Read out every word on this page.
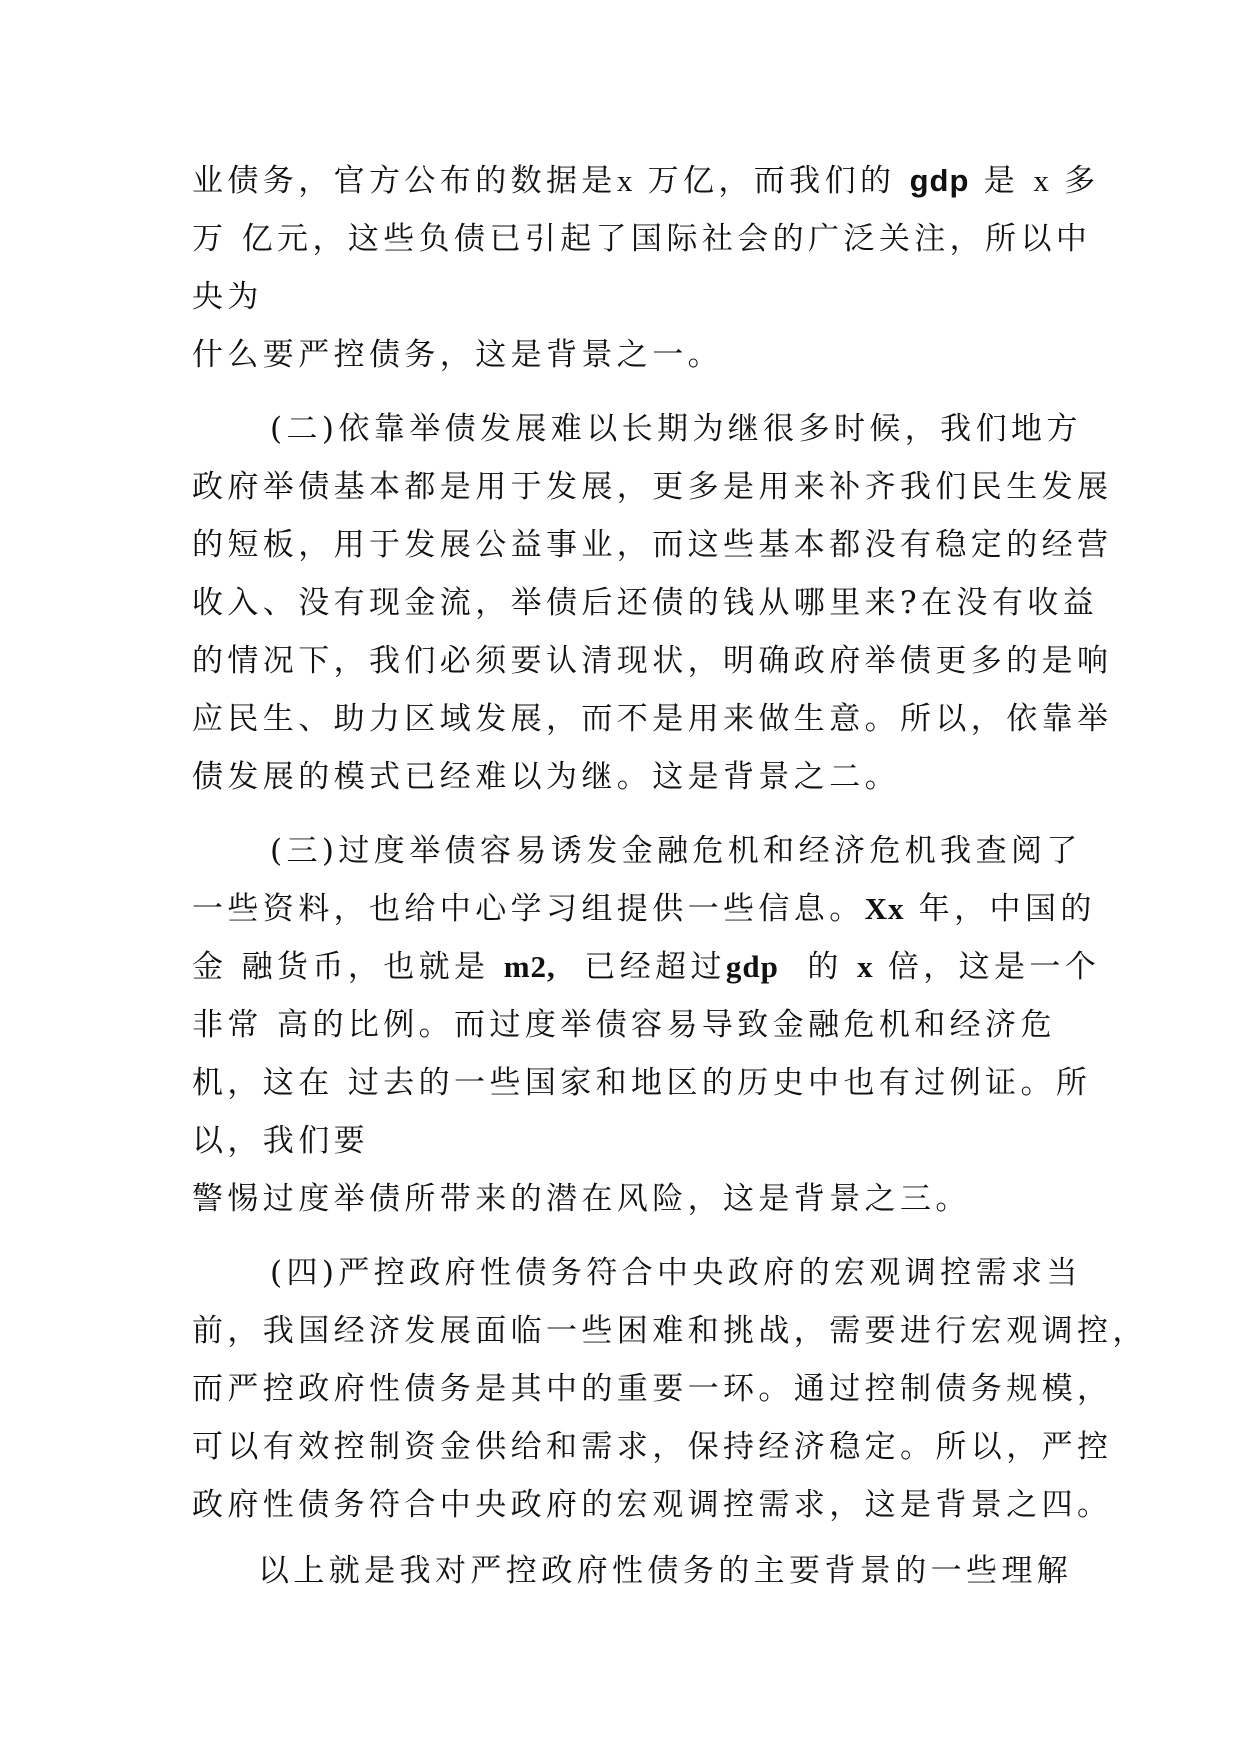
业债务，官方公布的数据是x 万亿，而我们的 gdp 是 x 多
万 亿元，这些负债已引起了国际社会的广泛关注，所以中
央为
什么要严控债务，这是背景之一。
(二)依靠举债发展难以长期为继很多时候，我们地方
政府举债基本都是用于发展，更多是用来补齐我们民生发展
的短板，用于发展公益事业，而这些基本都没有稳定的经营
收入、没有现金流，举债后还债的钱从哪里来?在没有收益
的情况下，我们必须要认清现状，明确政府举债更多的是响
应民生、助力区域发展，而不是用来做生意。所以，依靠举
债发展的模式已经难以为继。这是背景之二。
(三)过度举债容易诱发金融危机和经济危机我查阅了
一些资料，也给中心学习组提供一些信息。Xx 年，中国的
金 融货币，也就是 m2,  已经超过gdp  的 x 倍，这是一个
非常 高的比例。而过度举债容易导致金融危机和经济危
机，这在 过去的一些国家和地区的历史中也有过例证。所
以，我们要
警惕过度举债所带来的潜在风险，这是背景之三。
(四)严控政府性债务符合中央政府的宏观调控需求当
前，我国经济发展面临一些困难和挑战，需要进行宏观调控，
而严控政府性债务是其中的重要一环。通过控制债务规模，
可以有效控制资金供给和需求，保持经济稳定。所以，严控
政府性债务符合中央政府的宏观调控需求，这是背景之四。
以上就是我对严控政府性债务的主要背景的一些理解
